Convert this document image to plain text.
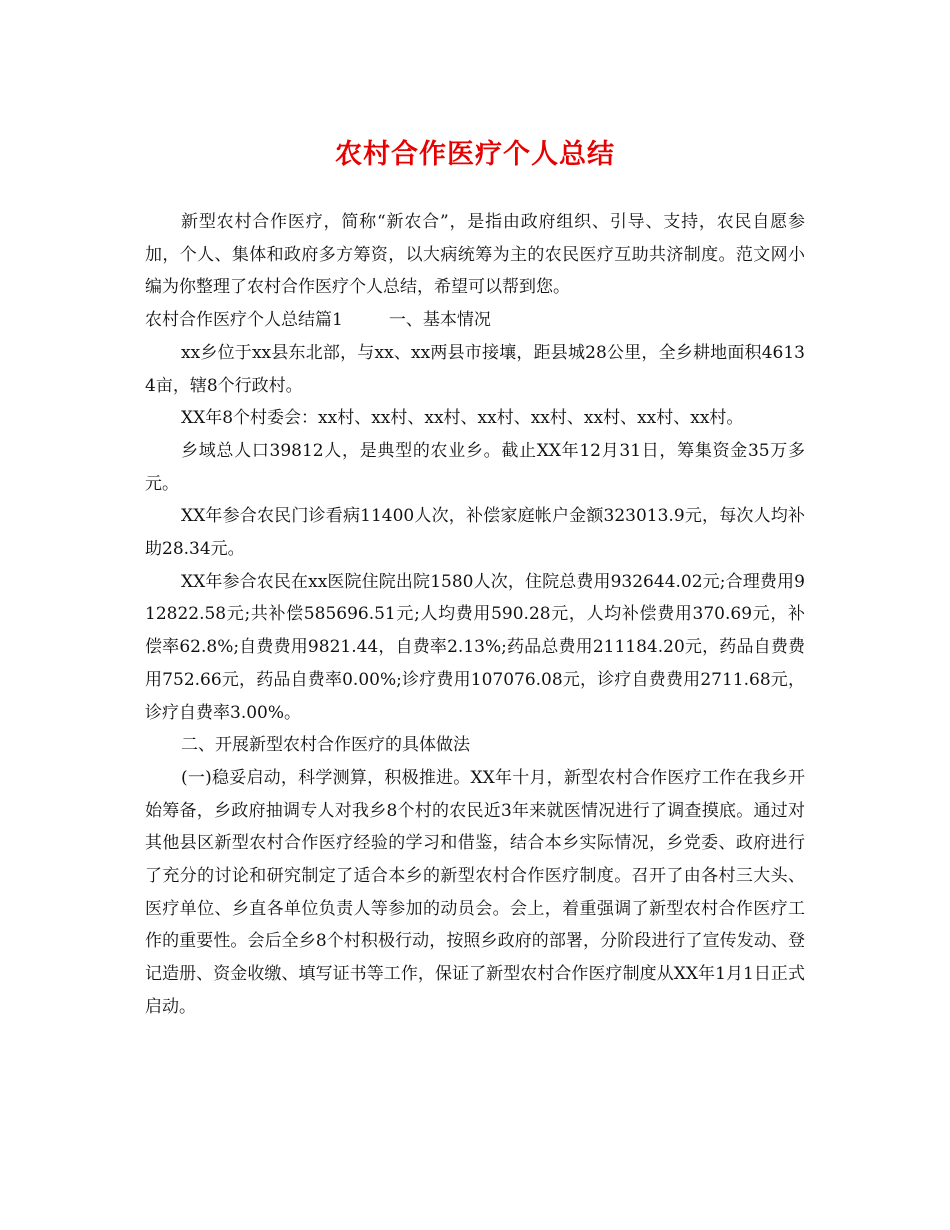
农村合作医疗个人总结

新型农村合作医疗，简称“新农合”，是指由政府组织、引导、支持，农民自愿参加，个人、集体和政府多方筹资，以大病统筹为主的农民医疗互助共济制度。范文网小编为你整理了农村合作医疗个人总结，希望可以帮到您。

农村合作医疗个人总结篇1	一、基本情况

xx乡位于xx县东北部，与xx、xx两县市接壤，距县城28公里，全乡耕地面积46134亩，辖8个行政村。

XX年8个村委会：xx村、xx村、xx村、xx村、xx村、xx村、xx村、xx村。

乡域总人口39812人，是典型的农业乡。截止XX年12月31日，筹集资金35万多元。

XX年参合农民门诊看病11400人次，补偿家庭帐户金额323013.9元，每次人均补助28.34元。

XX年参合农民在xx医院住院出院1580人次，住院总费用932644.02元;合理费用912822.58元;共补偿585696.51元;人均费用590.28元，人均补偿费用370.69元，补偿率62.8%;自费费用9821.44，自费率2.13%;药品总费用211184.20元，药品自费费用752.66元，药品自费率0.00%;诊疗费用107076.08元，诊疗自费费用2711.68元，诊疗自费率3.00%。

二、开展新型农村合作医疗的具体做法

(一)稳妥启动，科学测算，积极推进。XX年十月，新型农村合作医疗工作在我乡开始筹备，乡政府抽调专人对我乡8个村的农民近3年来就医情况进行了调查摸底。通过对其他县区新型农村合作医疗经验的学习和借鉴，结合本乡实际情况，乡党委、政府进行了充分的讨论和研究制定了适合本乡的新型农村合作医疗制度。召开了由各村三大头、医疗单位、乡直各单位负责人等参加的动员会。会上，着重强调了新型农村合作医疗工作的重要性。会后全乡8个村积极行动，按照乡政府的部署，分阶段进行了宣传发动、登记造册、资金收缴、填写证书等工作，保证了新型农村合作医疗制度从XX年1月1日正式启动。
